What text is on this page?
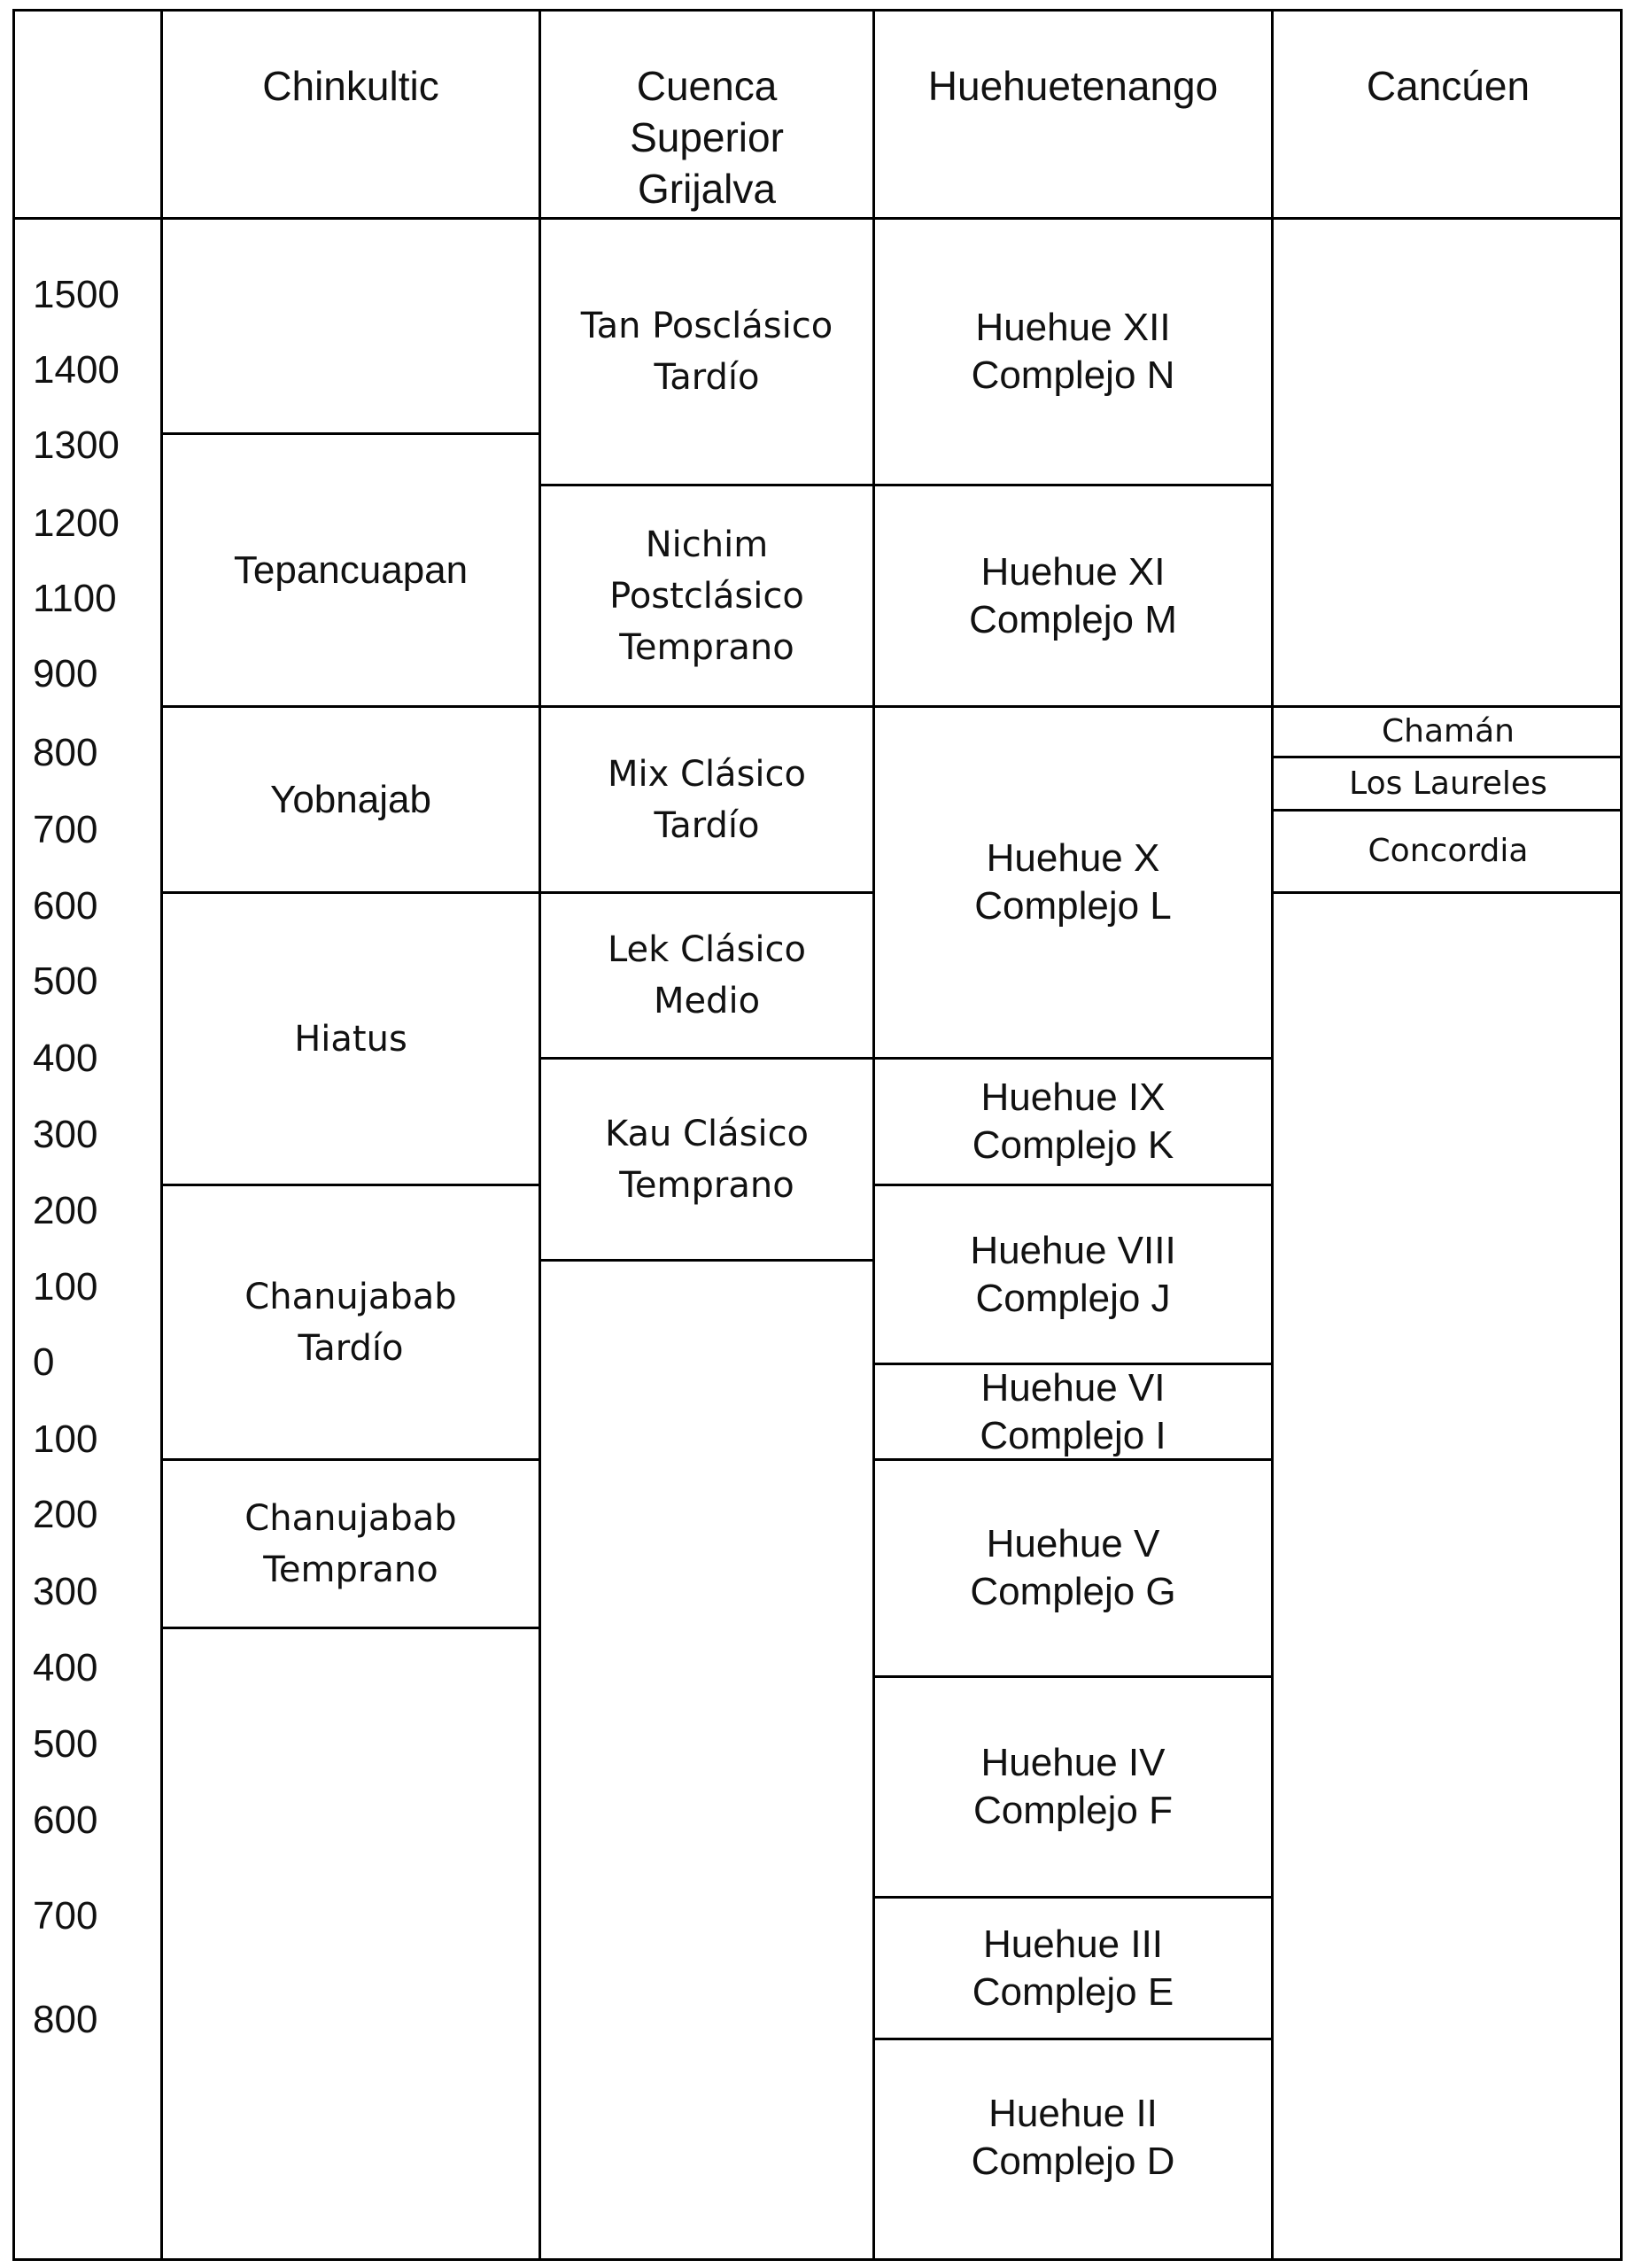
Chinkultic	Cuenca
Superior
Grijalva
Huehuetenango	Cancúen
1500
1400
1300
1200
1100
900
800
700
600
500
400
300
200
100
0
100
200
300
400
500
600
700
800
Tepancuapan
Yobnajab
Hiatus
Chanujabab
Tardío
Chanujabab
Temprano
Tan Posclásico
Tardío
Nichim
Postclásico
Temprano
Mix Clásico
Tardío
Lek Clásico
Medio
Kau Clásico
Temprano
Huehue XII
Complejo N
Huehue XI
Complejo M
Huehue X
Complejo L
Huehue IX
Complejo K
Huehue VIII
Complejo J
Huehue VI
Complejo I
Huehue V
Complejo G
Huehue IV
Complejo F
Huehue III
Complejo E
Huehue II
Complejo D
Chamán
Los Laureles
Concordia
